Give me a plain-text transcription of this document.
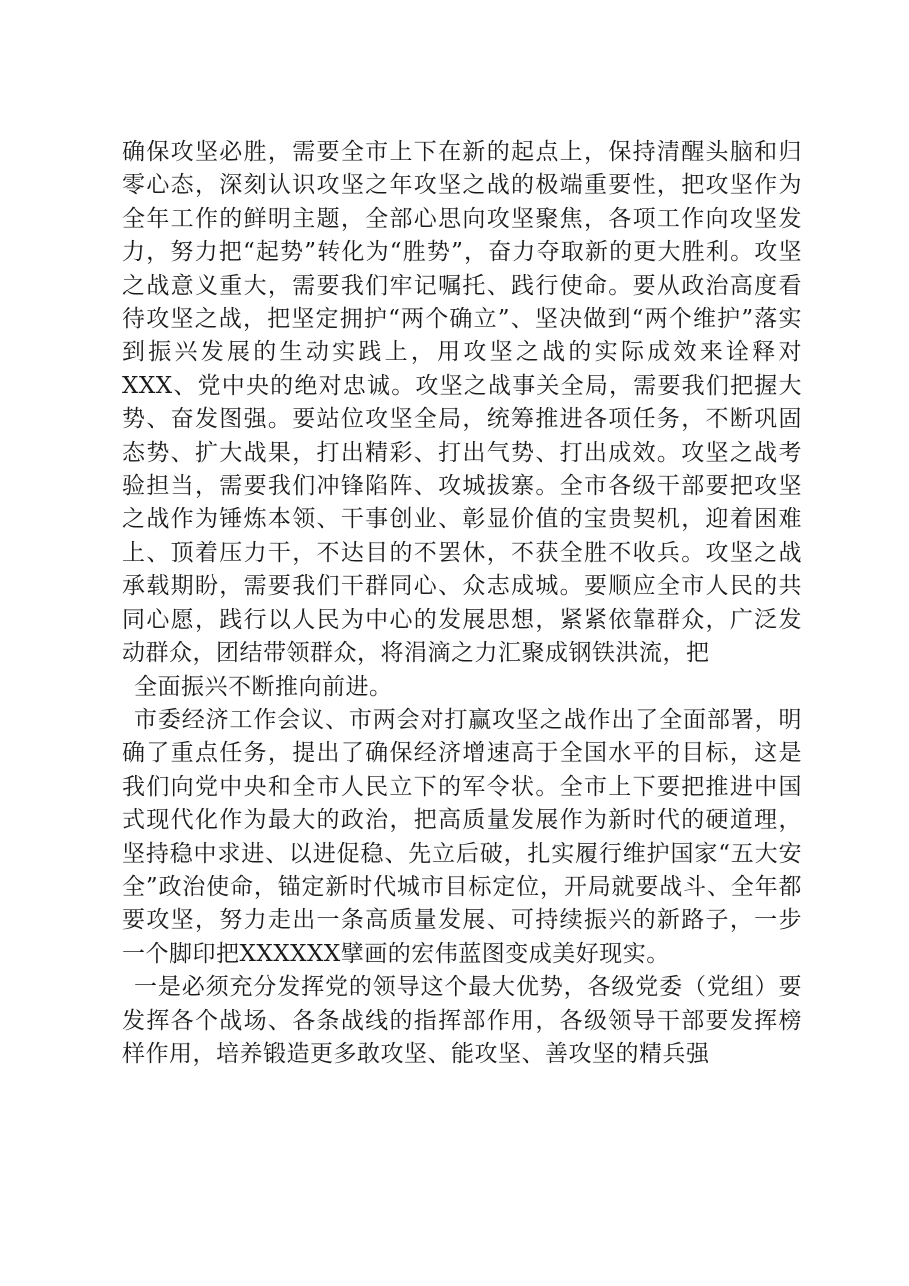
确保攻坚必胜，需要全市上下在新的起点上，保持清醒头脑和归零心态，深刻认识攻坚之年攻坚之战的极端重要性，把攻坚作为全年工作的鲜明主题，全部心思向攻坚聚焦，各项工作向攻坚发力，努力把“起势”转化为“胜势”，奋力夺取新的更大胜利。攻坚之战意义重大，需要我们牢记嘱托、践行使命。要从政治高度看待攻坚之战，把坚定拥护“两个确立”、坚决做到“两个维护”落实到振兴发展的生动实践上，用攻坚之战的实际成效来诠释对XXX、党中央的绝对忠诚。攻坚之战事关全局，需要我们把握大势、奋发图强。要站位攻坚全局，统筹推进各项任务，不断巩固态势、扩大战果，打出精彩、打出气势、打出成效。攻坚之战考验担当，需要我们冲锋陷阵、攻城拔寨。全市各级干部要把攻坚之战作为锤炼本领、干事创业、彰显价值的宝贵契机，迎着困难上、顶着压力干，不达目的不罢休，不获全胜不收兵。攻坚之战承载期盼，需要我们干群同心、众志成城。要顺应全市人民的共同心愿，践行以人民为中心的发展思想，紧紧依靠群众，广泛发动群众，团结带领群众，将涓滴之力汇聚成钢铁洪流，把

全面振兴不断推向前进。

市委经济工作会议、市两会对打赢攻坚之战作出了全面部署，明确了重点任务，提出了确保经济增速高于全国水平的目标，这是我们向党中央和全市人民立下的军令状。全市上下要把推进中国式现代化作为最大的政治，把高质量发展作为新时代的硬道理，坚持稳中求进、以进促稳、先立后破，扎实履行维护国家“五大安全”政治使命，锚定新时代城市目标定位，开局就要战斗、全年都要攻坚，努力走出一条高质量发展、可持续振兴的新路子，一步一个脚印把XXXXXX擘画的宏伟蓝图变成美好现实。

一是必须充分发挥党的领导这个最大优势，各级党委（党组）要发挥各个战场、各条战线的指挥部作用，各级领导干部要发挥榜样作用，培养锻造更多敢攻坚、能攻坚、善攻坚的精兵强
